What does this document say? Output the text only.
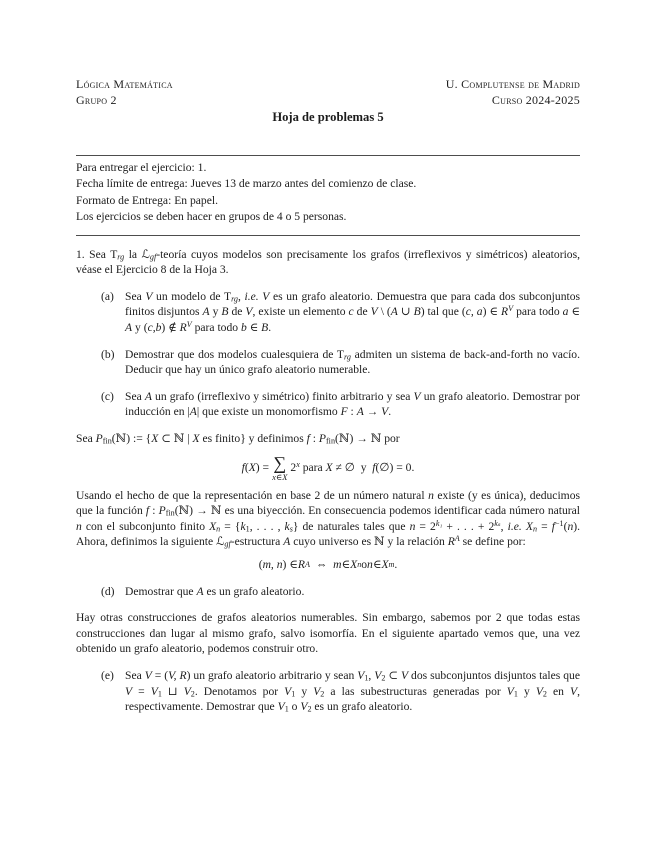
Lógica Matemática
Grupo 2
U. Complutense de Madrid
Curso 2024-2025
Hoja de problemas 5
Para entregar el ejercicio: 1.
Fecha límite de entrega: Jueves 13 de marzo antes del comienzo de clase.
Formato de Entrega: En papel.
Los ejercicios se deben hacer en grupos de 4 o 5 personas.
1. Sea $T_{rg}$ la ℒ$_{gf}$-teoría cuyos modelos son precisamente los grafos (irreflexivos y simétricos) aleatorios, véase el Ejercicio 8 de la Hoja 3.
(a) Sea V un modelo de $T_{rg}$, i.e. V es un grafo aleatorio. Demuestra que para cada dos subconjuntos finitos disjuntos A y B de V, existe un elemento c de V \ (A ∪ B) tal que (c, a) ∈ $R^V$ para todo a ∈ A y (c,b) ∉ $R^V$ para todo b ∈ B.
(b) Demostrar que dos modelos cualesquiera de $T_{rg}$ admiten un sistema de back-and-forth no vacío. Deducir que hay un único grafo aleatorio numerable.
(c) Sea A un grafo (irreflexivo y simétrico) finito arbitrario y sea V un grafo aleatorio. Demostrar por inducción en |A| que existe un monomorfismo F : A → V.
Sea $P_{fin}(ℕ)$ := {X ⊂ ℕ | X es finito} y definimos f : $P_{fin}(ℕ)$ → ℕ por
f(X) = ∑
x∈X
2$^x$ para X ≠ ∅  y  f(∅) = 0.
Usando el hecho de que la representación en base 2 de un número natural n existe (y es única), deducimos que la función f : $P_{fin}(ℕ)$ → ℕ es una biyección. En consecuencia podemos identificar cada número natural n con el subconjunto finito $X_n = \{k_1$, . . . , $k_s$} de naturales tales que $n = 2^{k_1}$ + . . . + $2^{k_s}$, i.e. $X_n = f^{-1}(n)$. Ahora, definimos la siguiente ℒ$_{gf}$-estructura A cuyo universo es ℕ y la relación $R^A$ se define por:
( m, n ) ∈ R A ⇔ m ∈ X n o n ∈ X m .
(d) Demostrar que A es un grafo aleatorio.
Hay otras construcciones de grafos aleatorios numerables. Sin embargo, sabemos por 2 que todas estas construcciones dan lugar al mismo grafo, salvo isomorfía. En el siguiente apartado vemos que, una vez obtenido un grafo aleatorio, podemos construir otro.
(e) Sea V = (V, R) un grafo aleatorio arbitrario y sean $V_1$, $V_2$ ⊂ V dos subconjuntos disjuntos tales que $V = V_1$ ⊔ $V_2$. Denotamos por $V_1$ y $V_2$ a las subestructuras generadas por $V_1$ y $V_2$ en V, respectivamente. Demostrar que $V_1$ o $V_2$ es un grafo aleatorio.
